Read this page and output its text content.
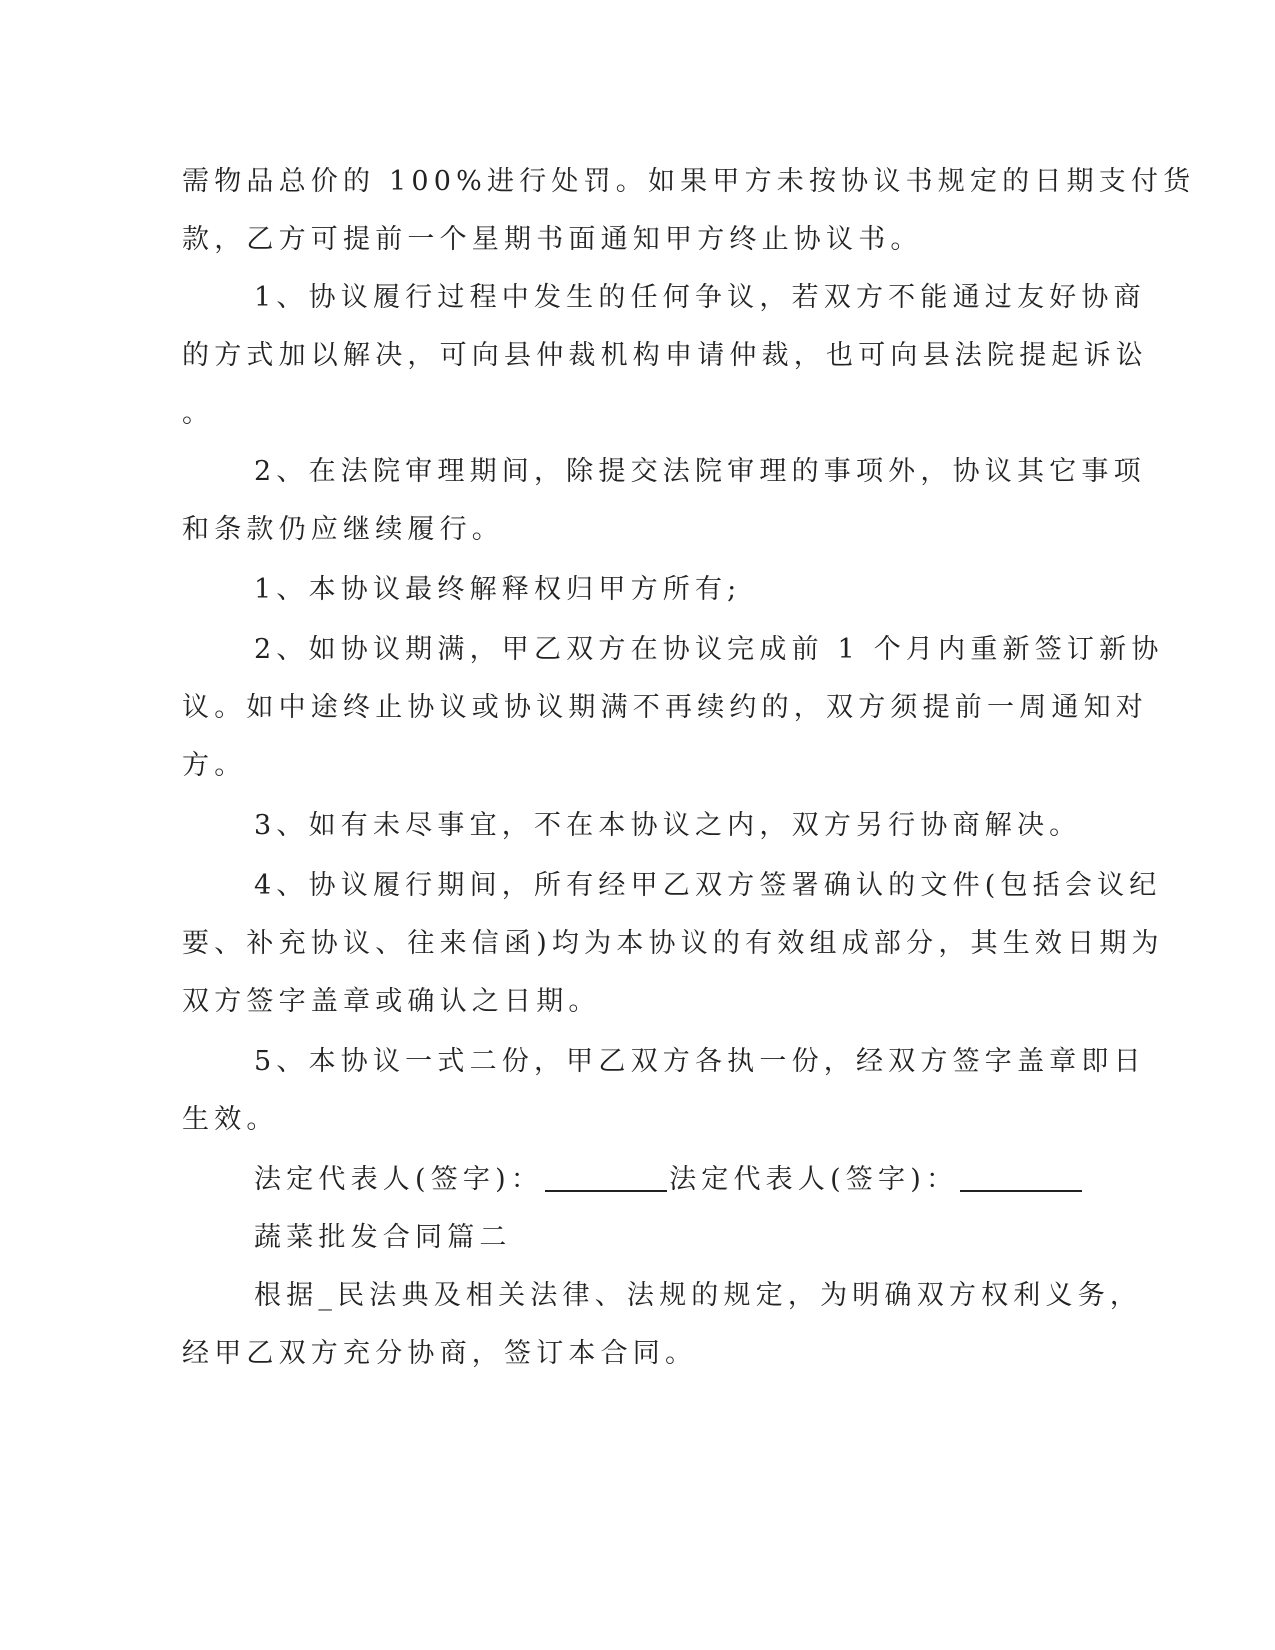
需物品总价的 100%进行处罚。如果甲方未按协议书规定的日期支付货
款，乙方可提前一个星期书面通知甲方终止协议书。
1、协议履行过程中发生的任何争议，若双方不能通过友好协商
的方式加以解决，可向县仲裁机构申请仲裁，也可向县法院提起诉讼
。
2、在法院审理期间，除提交法院审理的事项外，协议其它事项
和条款仍应继续履行。
1、本协议最终解释权归甲方所有;
2、如协议期满，甲乙双方在协议完成前 1 个月内重新签订新协
议。如中途终止协议或协议期满不再续约的，双方须提前一周通知对
方。
3、如有未尽事宜，不在本协议之内，双方另行协商解决。
4、协议履行期间，所有经甲乙双方签署确认的文件(包括会议纪
要、补充协议、往来信函)均为本协议的有效组成部分，其生效日期为
双方签字盖章或确认之日期。
5、本协议一式二份，甲乙双方各执一份，经双方签字盖章即日
生效。
法定代表人(签字)：	法定代表人(签字)：
蔬菜批发合同篇二
根据_民法典及相关法律、法规的规定，为明确双方权利义务，
经甲乙双方充分协商，签订本合同。
